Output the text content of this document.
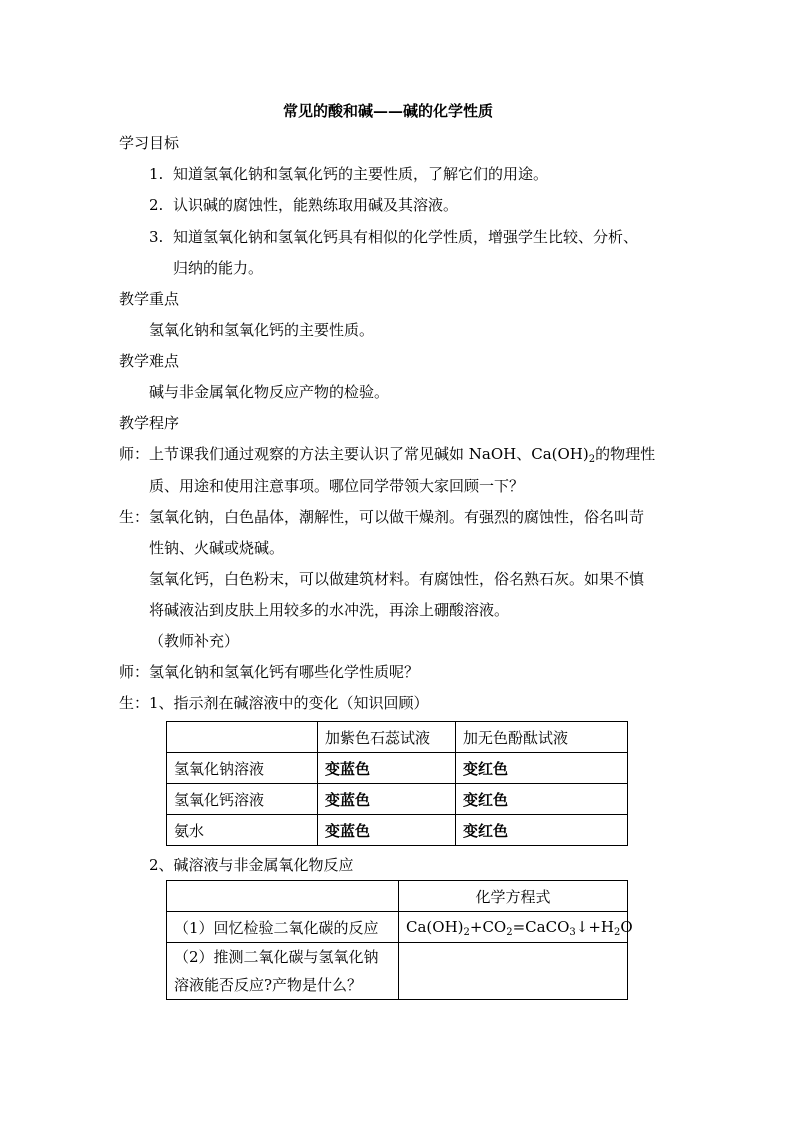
常见的酸和碱——碱的化学性质
学习目标
1. 知道氢氧化钠和氢氧化钙的主要性质，了解它们的用途。
2. 认识碱的腐蚀性，能熟练取用碱及其溶液。
3. 知道氢氧化钠和氢氧化钙具有相似的化学性质，增强学生比较、分析、
归纳的能力。
教学重点
氢氧化钠和氢氧化钙的主要性质。
教学难点
碱与非金属氧化物反应产物的检验。
教学程序
师：上节课我们通过观察的方法主要认识了常见碱如 NaOH、$Ca(OH)_2$的物理性
质、用途和使用注意事项。哪位同学带领大家回顾一下？
生：氢氧化钠，白色晶体，潮解性，可以做干燥剂。有强烈的腐蚀性，俗名叫苛
性钠、火碱或烧碱。
氢氧化钙，白色粉末，可以做建筑材料。有腐蚀性，俗名熟石灰。如果不慎
将碱液沾到皮肤上用较多的水冲洗，再涂上硼酸溶液。
（教师补充）
师：氢氧化钠和氢氧化钙有哪些化学性质呢？
生：1、指示剂在碱溶液中的变化（知识回顾）
	加紫色石蕊试液	加无色酚酞试液
氢氧化钠溶液	变蓝色	变红色
氢氧化钙溶液	变蓝色	变红色
氨水	变蓝色	变红色
2、碱溶液与非金属氧化物反应
	化学方程式
（1）回忆检验二氧化碳的反应	$Ca(OH)_2+CO_2=CaCO_3↓+H_2O$

（2）推测二氧化碳与氢氧化钠
溶液能否反应?产物是什么？	
